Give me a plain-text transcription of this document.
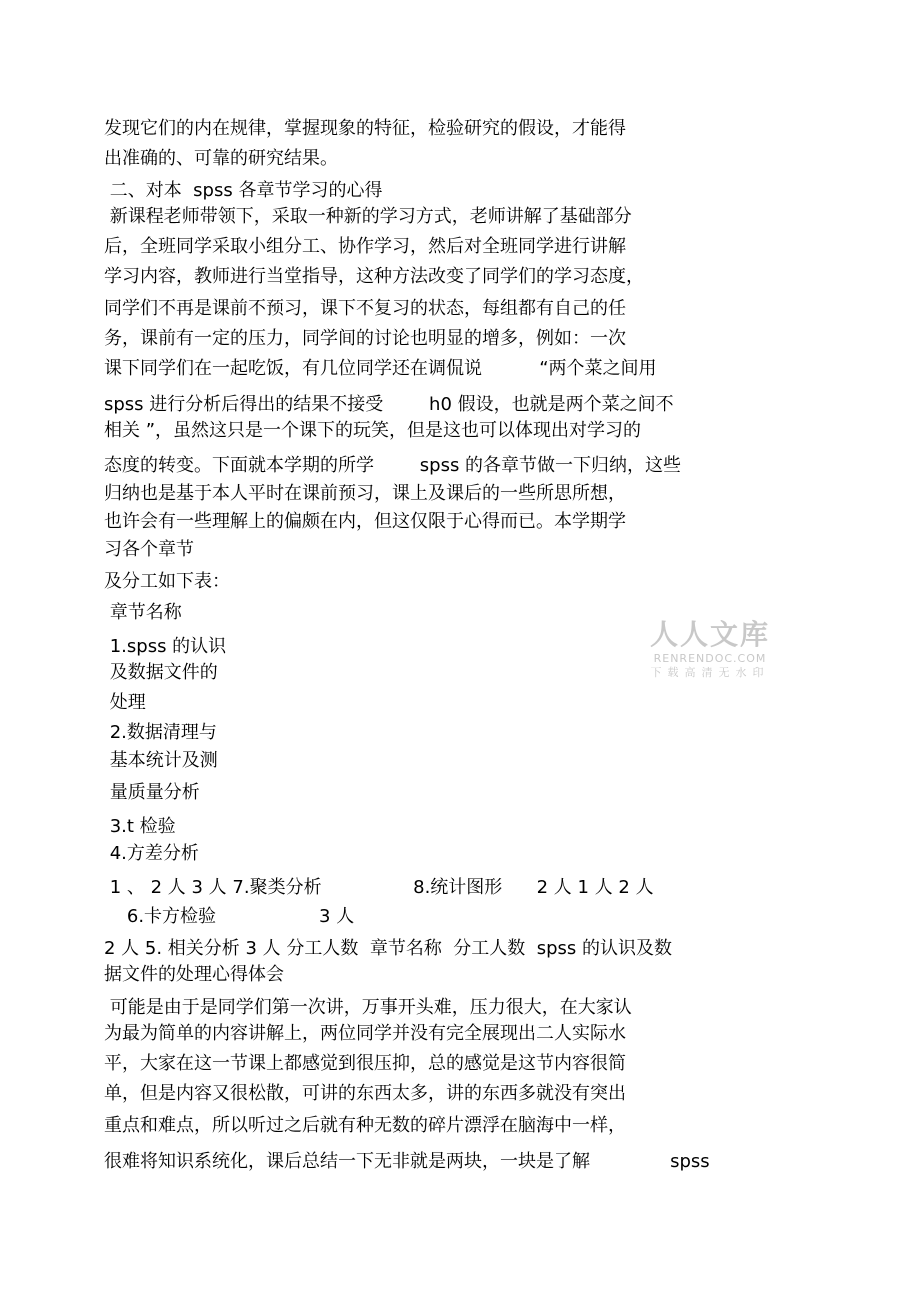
发现它们的内在规律，掌握现象的特征，检验研究的假设，才能得

出准确的、可靠的研究结果。

二、对本  spss 各章节学习的心得

新课程老师带领下，采取一种新的学习方式，老师讲解了基础部分

后，全班同学采取小组分工、协作学习，然后对全班同学进行讲解

学习内容，教师进行当堂指导，这种方法改变了同学们的学习态度，

同学们不再是课前不预习，课下不复习的状态，每组都有自己的任

务，课前有一定的压力，同学间的讨论也明显的增多，例如：一次

课下同学们在一起吃饭，有几位同学还在调侃说          “两个菜之间用

spss 进行分析后得出的结果不接受        h0 假设，也就是两个菜之间不

相关 ”，虽然这只是一个课下的玩笑，但是这也可以体现出对学习的

态度的转变。下面就本学期的所学        spss 的各章节做一下归纳，这些

归纳也是基于本人平时在课前预习，课上及课后的一些所思所想，

也许会有一些理解上的偏颇在内，但这仅限于心得而已。本学期学

习各个章节

及分工如下表：

章节名称

1.spss 的认识

及数据文件的

处理

2.数据清理与

基本统计及测

量质量分析

3.t 检验

4.方差分析

1 、 2 人 3 人 7.聚类分析                8.统计图形      2 人 1 人 2 人

6.卡方检验                  3 人

2 人 5. 相关分析 3 人 分工人数  章节名称  分工人数  spss 的认识及数

据文件的处理心得体会

可能是由于是同学们第一次讲，万事开头难，压力很大，在大家认

为最为简单的内容讲解上，两位同学并没有完全展现出二人实际水

平，大家在这一节课上都感觉到很压抑，总的感觉是这节内容很简

单，但是内容又很松散，可讲的东西太多，讲的东西多就没有突出

重点和难点，所以听过之后就有种无数的碎片漂浮在脑海中一样，

很难将知识系统化，课后总结一下无非就是两块，一块是了解              spss

人人文库
RENRENDOC.COM
下载高清无水印
